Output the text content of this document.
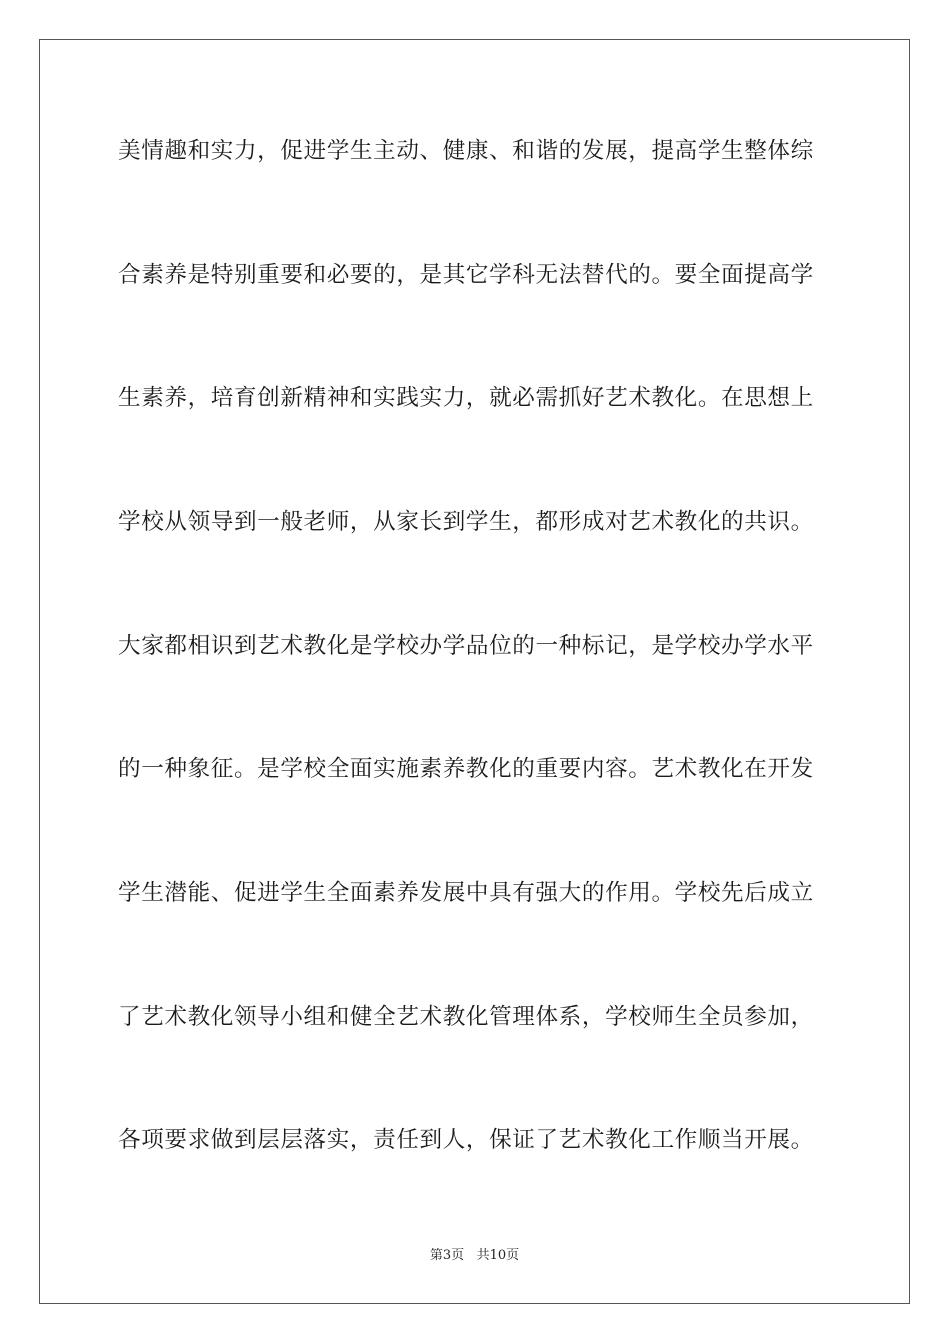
美情趣和实力，促进学生主动、健康、和谐的发展，提高学生整体综
合素养是特别重要和必要的，是其它学科无法替代的。要全面提高学
生素养，培育创新精神和实践实力，就必需抓好艺术教化。在思想上
学校从领导到一般老师，从家长到学生，都形成对艺术教化的共识。
大家都相识到艺术教化是学校办学品位的一种标记，是学校办学水平
的一种象征。是学校全面实施素养教化的重要内容。艺术教化在开发
学生潜能、促进学生全面素养发展中具有强大的作用。学校先后成立
了艺术教化领导小组和健全艺术教化管理体系，学校师生全员参加，
各项要求做到层层落实，责任到人，保证了艺术教化工作顺当开展。
第3页 共10页
